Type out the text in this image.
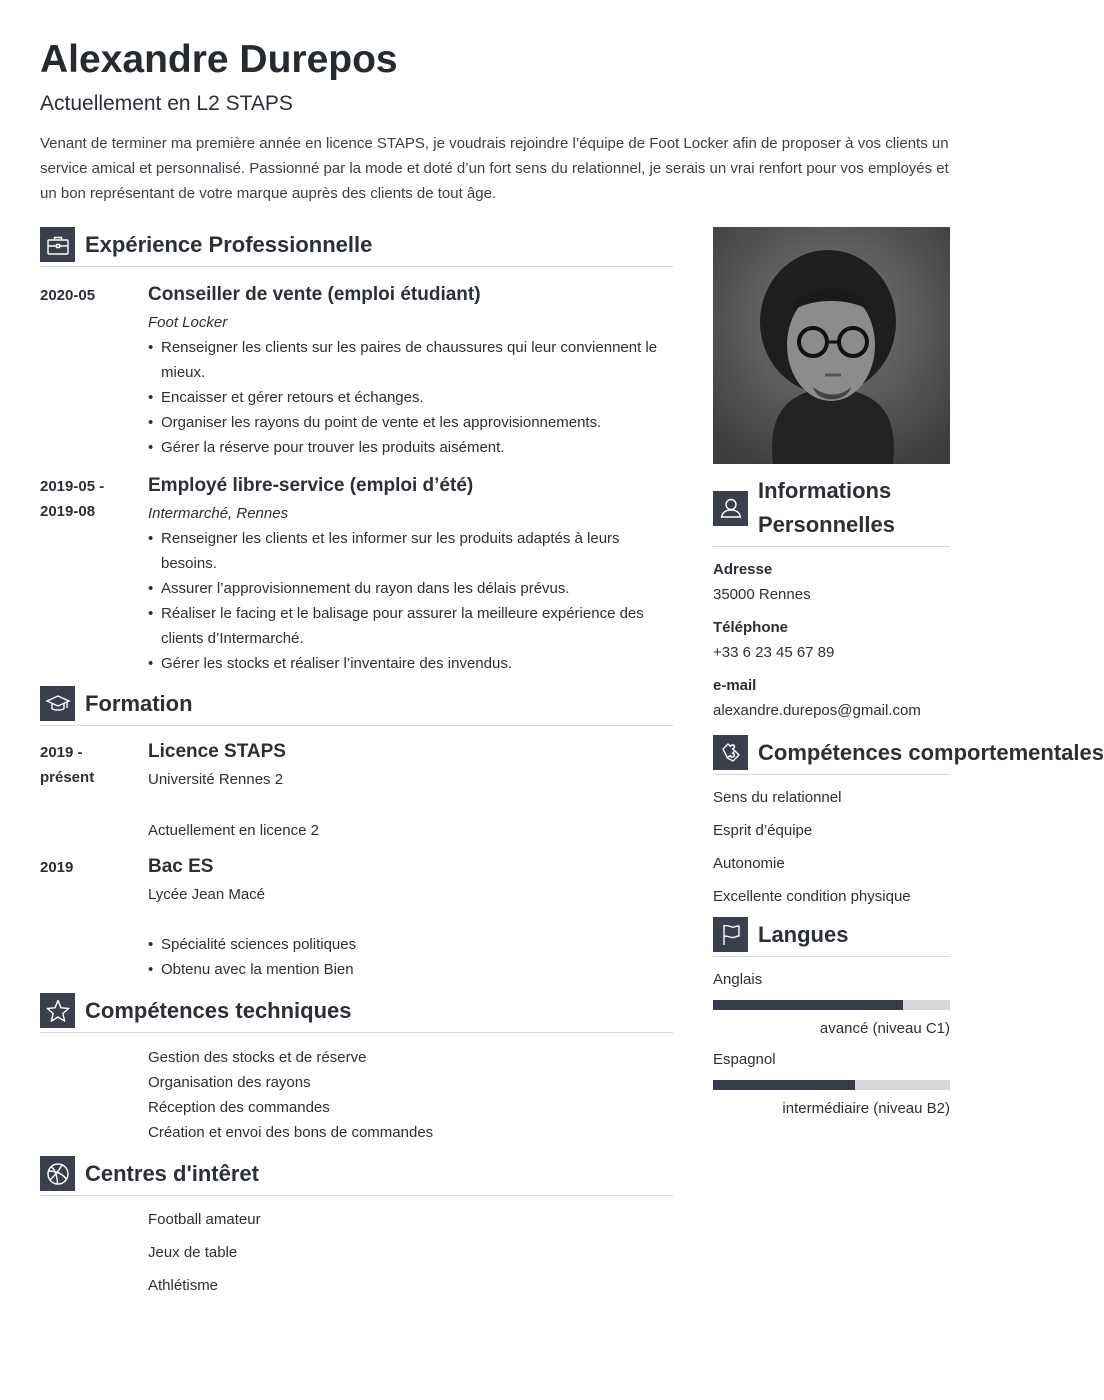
Alexandre Durepos
Actuellement en L2 STAPS
Venant de terminer ma première année en licence STAPS, je voudrais rejoindre l’équipe de Foot Locker afin de proposer à vos clients un service amical et personnalisé. Passionné par la mode et doté d’un fort sens du relationnel, je serais un vrai renfort pour vos employés et un bon représentant de votre marque auprès des clients de tout âge.
Expérience Professionnelle
2020-05	Conseiller de vente (emploi étudiant)
Foot Locker
• Renseigner les clients sur les paires de chaussures qui leur conviennent le mieux.
• Encaisser et gérer retours et échanges.
• Organiser les rayons du point de vente et les approvisionnements.
• Gérer la réserve pour trouver les produits aisément.
2019-05 - 2019-08
Employé libre-service (emploi d’été)
Intermarché, Rennes
• Renseigner les clients et les informer sur les produits adaptés à leurs besoins.
• Assurer l’approvisionnement du rayon dans les délais prévus.
• Réaliser le facing et le balisage pour assurer la meilleure expérience des clients d’Intermarché.
• Gérer les stocks et réaliser l’inventaire des invendus.
Formation
2019 - présent
Licence STAPS
Université Rennes 2
Actuellement en licence 2
2019	Bac ES
Lycée Jean Macé
• Spécialité sciences politiques
• Obtenu avec la mention Bien
Compétences techniques
Gestion des stocks et de réserve
Organisation des rayons
Réception des commandes
Création et envoi des bons de commandes
Centres d'intêret
Football amateur
Jeux de table
Athlétisme
Informations Personnelles
Adresse
35000 Rennes
Téléphone
+33 6 23 45 67 89
e-mail
alexandre.durepos@gmail.com
Compétences comportementales
Sens du relationnel
Esprit d’équipe
Autonomie
Excellente condition physique
Langues
Anglais
avancé (niveau C1)
Espagnol
intermédiaire (niveau B2)
